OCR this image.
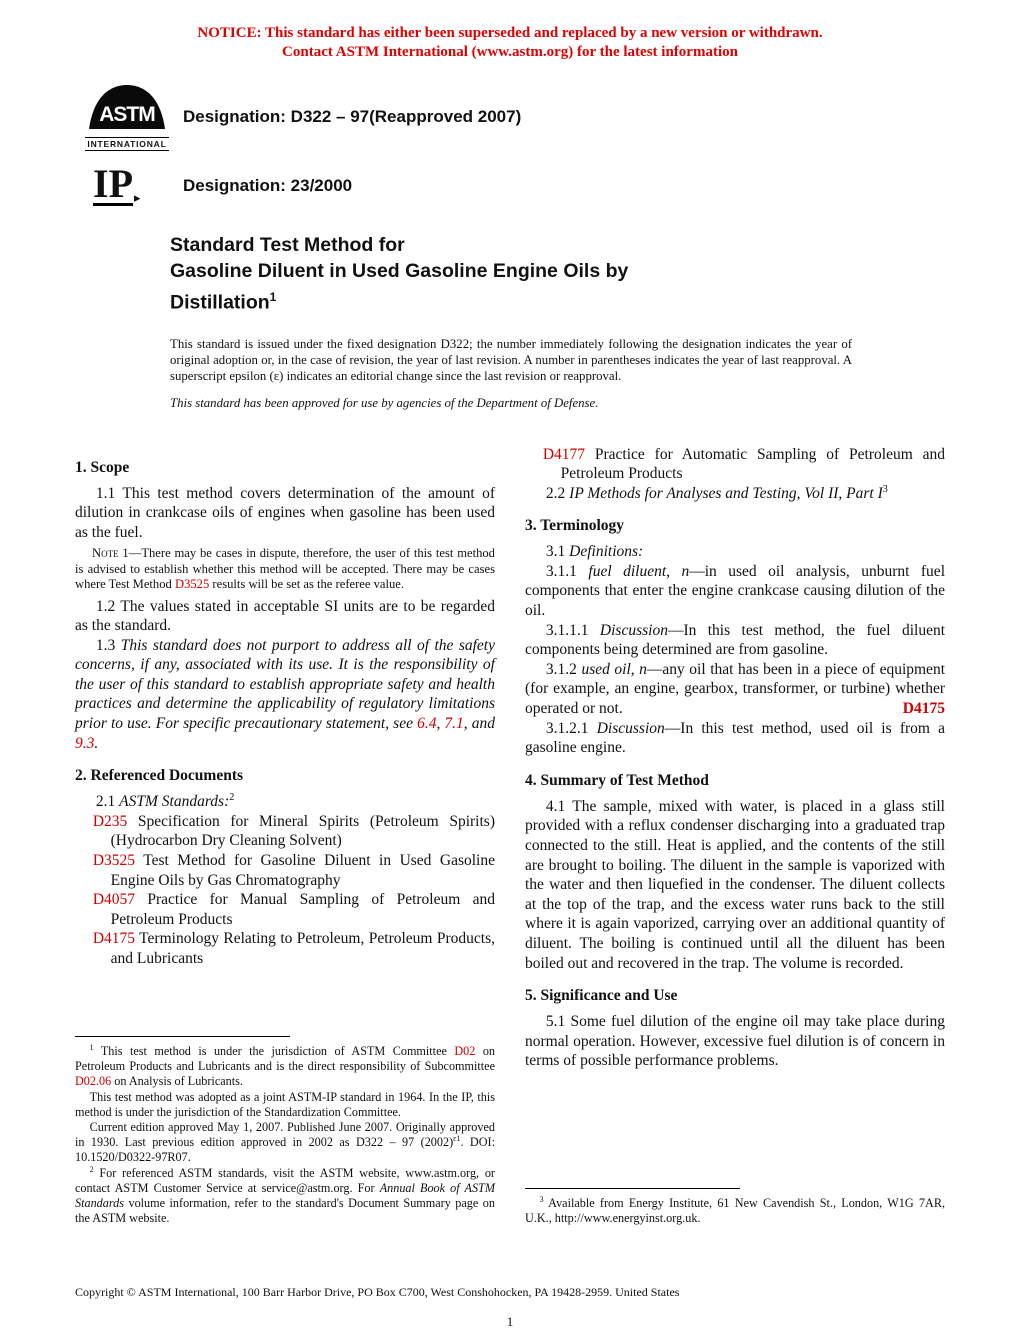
NOTICE: This standard has either been superseded and replaced by a new version or withdrawn.
Contact ASTM International (www.astm.org) for the latest information
ASTM
INTERNATIONAL
Designation: D322 – 97(Reapproved 2007)
IP ▸
Designation: 23/2000
Standard Test Method for
Gasoline Diluent in Used Gasoline Engine Oils by
Distillation$^1$
This standard is issued under the fixed designation D322; the number immediately following the designation indicates the year of original adoption or, in the case of revision, the year of last revision. A number in parentheses indicates the year of last reapproval. A superscript epsilon (ε) indicates an editorial change since the last revision or reapproval.
This standard has been approved for use by agencies of the Department of Defense.
1. Scope
1.1 This test method covers determination of the amount of dilution in crankcase oils of engines when gasoline has been used as the fuel.
Note 1—There may be cases in dispute, therefore, the user of this test method is advised to establish whether this method will be accepted. There may be cases where Test Method D3525 results will be set as the referee value.
1.2 The values stated in acceptable SI units are to be regarded as the standard.
1.3 This standard does not purport to address all of the safety concerns, if any, associated with its use. It is the responsibility of the user of this standard to establish appropriate safety and health practices and determine the applicability of regulatory limitations prior to use. For specific precautionary statement, see 6.4, 7.1, and 9.3.
2. Referenced Documents
2.1 ASTM Standards:$^2$
D235 Specification for Mineral Spirits (Petroleum Spirits) (Hydrocarbon Dry Cleaning Solvent)
D3525 Test Method for Gasoline Diluent in Used Gasoline Engine Oils by Gas Chromatography
D4057 Practice for Manual Sampling of Petroleum and Petroleum Products
D4175 Terminology Relating to Petroleum, Petroleum Products, and Lubricants
$^1$ This test method is under the jurisdiction of ASTM Committee D02 on Petroleum Products and Lubricants and is the direct responsibility of Subcommittee D02.06 on Analysis of Lubricants.
This test method was adopted as a joint ASTM-IP standard in 1964. In the IP, this method is under the jurisdiction of the Standardization Committee.
Current edition approved May 1, 2007. Published June 2007. Originally approved in 1930. Last previous edition approved in 2002 as D322 – 97 $(2002)^{\varepsilon 1}$. DOI: 10.1520/D0322-97R07.
$^2$ For referenced ASTM standards, visit the ASTM website, www.astm.org, or contact ASTM Customer Service at service@astm.org. For Annual Book of ASTM Standards volume information, refer to the standard's Document Summary page on the ASTM website.
D4177 Practice for Automatic Sampling of Petroleum and Petroleum Products
2.2 IP Methods for Analyses and Testing, Vol II, Part $I^3$
3. Terminology
3.1 Definitions:
3.1.1 fuel diluent, n—in used oil analysis, unburnt fuel components that enter the engine crankcase causing dilution of the oil.
3.1.1.1 Discussion—In this test method, the fuel diluent components being determined are from gasoline.
3.1.2 used oil, n—any oil that has been in a piece of equipment (for example, an engine, gearbox, transformer, or turbine) whether operated or not.	D4175
3.1.2.1 Discussion—In this test method, used oil is from a gasoline engine.
4. Summary of Test Method
4.1 The sample, mixed with water, is placed in a glass still provided with a reflux condenser discharging into a graduated trap connected to the still. Heat is applied, and the contents of the still are brought to boiling. The diluent in the sample is vaporized with the water and then liquefied in the condenser. The diluent collects at the top of the trap, and the excess water runs back to the still where it is again vaporized, carrying over an additional quantity of diluent. The boiling is continued until all the diluent has been boiled out and recovered in the trap. The volume is recorded.
5. Significance and Use
5.1 Some fuel dilution of the engine oil may take place during normal operation. However, excessive fuel dilution is of concern in terms of possible performance problems.
$^3$ Available from Energy Institute, 61 New Cavendish St., London, W1G 7AR, U.K., http://www.energyinst.org.uk.
Copyright © ASTM International, 100 Barr Harbor Drive, PO Box C700, West Conshohocken, PA 19428-2959. United States
1
